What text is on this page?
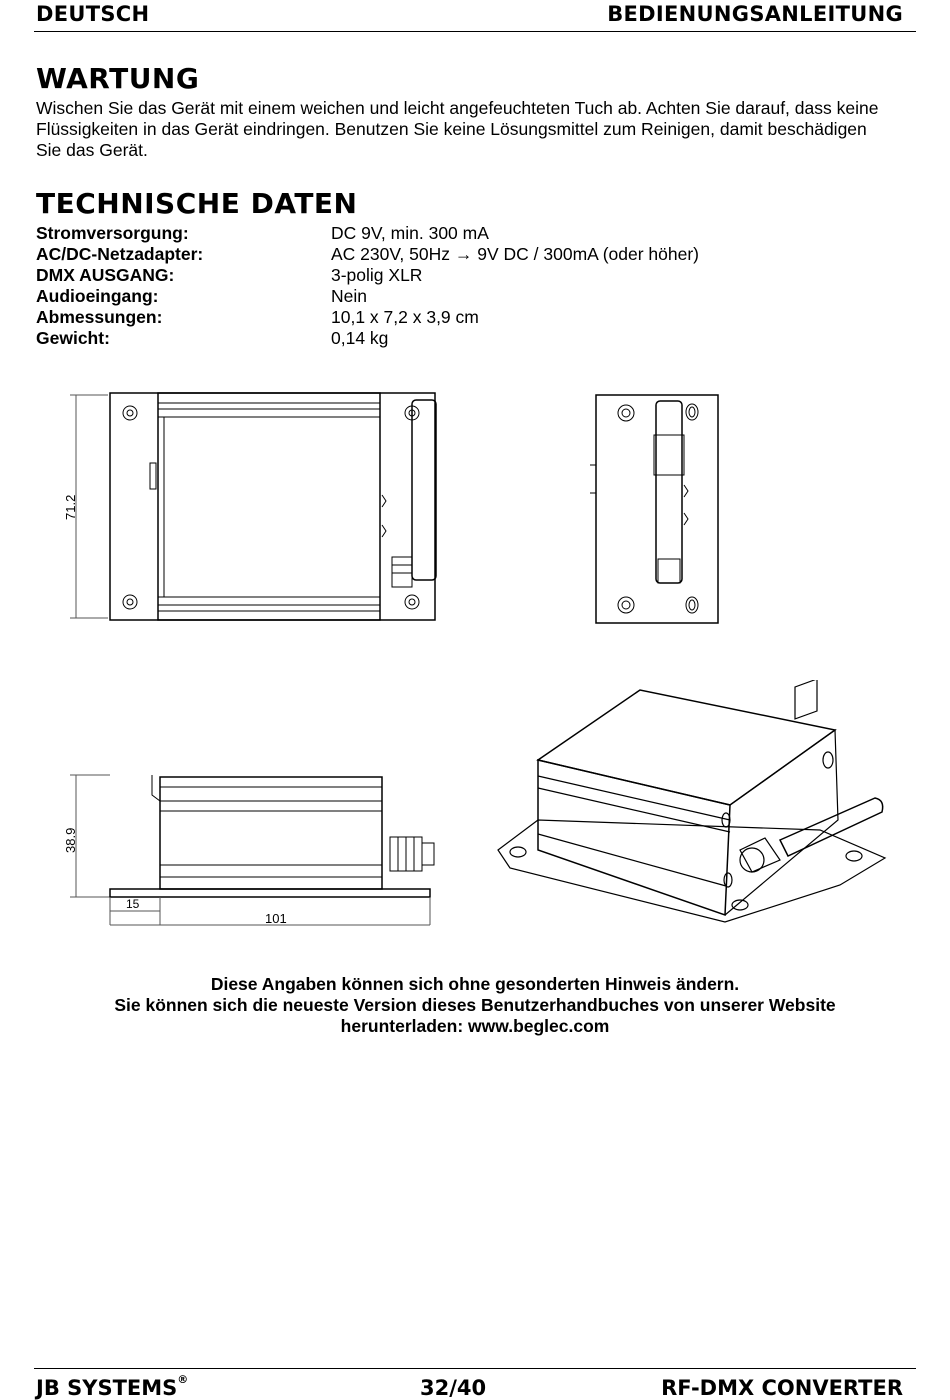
DEUTSCH	BEDIENUNGSANLEITUNG
WARTUNG
Wischen Sie das Gerät mit einem weichen und leicht angefeuchteten Tuch ab. Achten Sie darauf, dass keine Flüssigkeiten in das Gerät eindringen. Benutzen Sie keine Lösungsmittel zum Reinigen, damit beschädigen Sie das Gerät.
TECHNISCHE DATEN
Stromversorgung:	DC 9V, min. 300 mA
AC/DC-Netzadapter:	AC 230V, 50Hz → 9V DC / 300mA (oder höher)
DMX AUSGANG:	3-polig XLR
Audioeingang:	Nein
Abmessungen:	10,1 x 7,2 x 3,9 cm
Gewicht:	0,14 kg
71.2
38.9
15
101
Diese Angaben können sich ohne gesonderten Hinweis ändern.
Sie können sich die neueste Version dieses Benutzerhandbuches von unserer Website
herunterladen: www.beglec.com
JB SYSTEMS®	32/40	RF-DMX CONVERTER
